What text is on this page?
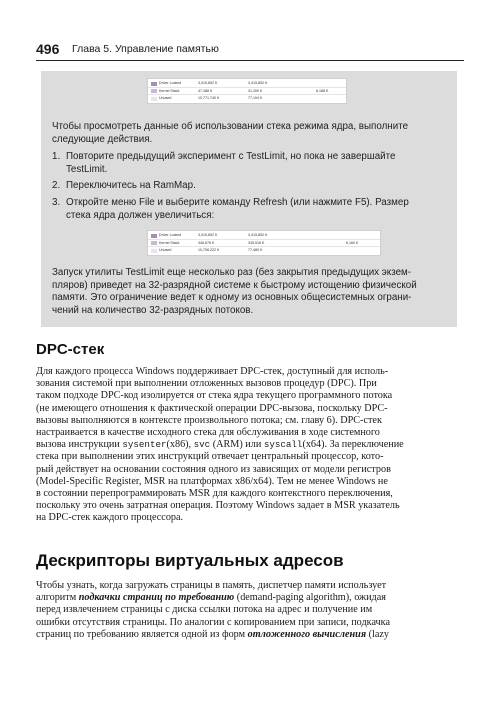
496 Глава 5. Управление памятью
Driver Locked	3,415,852 K	3,415,852 K
Kernel Stack	47,488 K	41,300 K	6,188 K
Unused	10,771,740 K	77,104 K

Чтобы просмотреть данные об использовании стека режима ядра, выполните
следующие действия.

1. Повторите предыдущий эксперимент с TestLimit, но пока не завершайте
TestLimit.
2. Переключитесь на RamMap.
3. Откройте меню File и выберите команду Refresh (или нажмите F5). Размер
стека ядра должен увеличиться:
Driver Locked	3,415,852 K	3,415,852 K
Kernel Stack	346,676 K	335,516 K	6,160 K
Unused	10,708,222 K	77,480 K

Запуск утилиты TestLimit еще несколько раз (без закрытия предыдущих экзем-
пляров) приведет на 32-разрядной системе к быстрому истощению физической
памяти. Это ограничение ведет к одному из основных общесистемных ограни-
чений на количество 32-разрядных потоков.

DPC-стек
Для каждого процесса Windows поддерживает DPC-стек, доступный для исполь-
зования системой при выполнении отложенных вызовов процедур (DPC). При
таком подходе DPC-код изолируется от стека ядра текущего программного потока
(не имеющего отношения к фактической операции DPC-вызова, поскольку DPC-
вызовы выполняются в контексте произвольного потока; см. главу 6). DPC-стек
настраивается в качестве исходного стека для обслуживания в ходе системного
вызова инструкции sysenter(x86), svc (ARM) или syscall(x64). За переключение
стека при выполнении этих инструкций отвечает центральный процессор, кото-
рый действует на основании состояния одного из зависящих от модели регистров
(Model-Specific Register, MSR на платформах x86/x64). Тем не менее Windows не
в состоянии перепрограммировать MSR для каждого контекстного переключения,
поскольку это очень затратная операция. Поэтому Windows задает в MSR указатель
на DPC-стек каждого процессора.
Дескрипторы виртуальных адресов
Чтобы узнать, когда загружать страницы в память, диспетчер памяти использует
алгоритм подкачки страниц по требованию (demand-paging algorithm), ожидая
перед извлечением страницы с диска ссылки потока на адрес и получение им
ошибки отсутствия страницы. По аналогии с копированием при записи, подкачка
страниц по требованию является одной из форм отложенного вычисления (lazy
